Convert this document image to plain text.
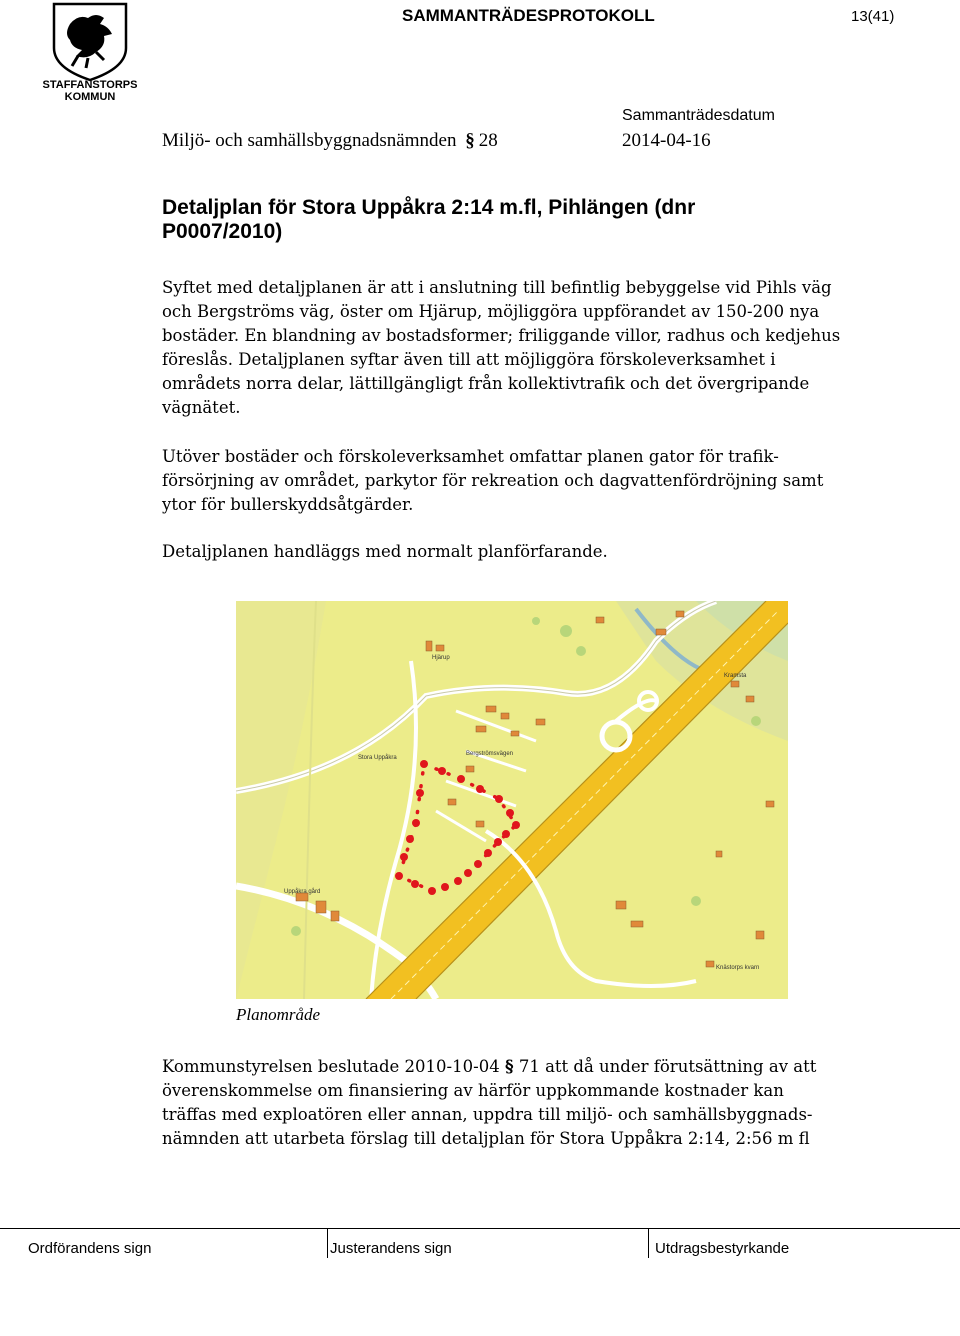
STAFFANSTORPS
KOMMUN
SAMMANTRÄDESPROTOKOLL	13(41)
Sammanträdesdatum
Miljö- och samhällsbyggnadsnämnden § 28	2014-04-16
Detaljplan för Stora Uppåkra 2:14 m.fl, Pihlängen (dnr
P0007/2010)
Syftet med detaljplanen är att i anslutning till befintlig bebyggelse vid Pihls väg
och Bergströms väg, öster om Hjärup, möjliggöra uppförandet av 150-200 nya
bostäder. En blandning av bostadsformer; friliggande villor, radhus och kedjehus
föreslås. Detaljplanen syftar även till att möjliggöra förskoleverksamhet i
områdets norra delar, lättillgängligt från kollektivtrafik och det övergripande
vägnätet.
Utöver bostäder och förskoleverksamhet omfattar planen gator för trafik-
försörjning av området, parkytor för rekreation och dagvattenfördröjning samt
ytor för bullerskyddsåtgärder.
Detaljplanen handläggs med normalt planförfarande.
Hjärup
Stora Uppåkra
Bergströmsvägen
Uppåkra gård
Kramsta
Knästorps kvarn
Planområde
Kommunstyrelsen beslutade 2010-10-04 § 71 att då under förutsättning av att
överenskommelse om finansiering av härför uppkommande kostnader kan
träffas med exploatören eller annan, uppdra till miljö- och samhällsbyggnads-
nämnden att utarbeta förslag till detaljplan för Stora Uppåkra 2:14, 2:56 m fl
Ordförandens sign	Justerandens sign	Utdragsbestyrkande
